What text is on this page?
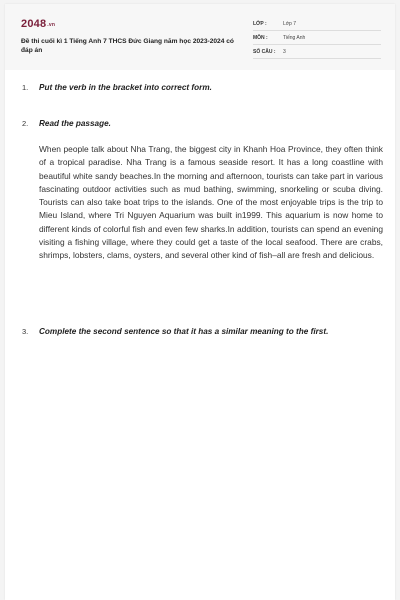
2048.vn
Đề thi cuối kì 1 Tiếng Anh 7 THCS Đức Giang năm học 2023-2024 có đáp án
LỚP :	Lớp 7
MÔN :	Tiếng Anh
SỐ CÂU : 3
1. Put the verb in the bracket into correct form.
2. Read the passage.
When people talk about Nha Trang, the biggest city in Khanh Hoa Province, they often think of a tropical paradise. Nha Trang is a famous seaside resort. It has a long coastline with beautiful white sandy beaches.In the morning and afternoon, tourists can take part in various fascinating outdoor activities such as mud bathing, swimming, snorkeling or scuba diving. Tourists can also take boat trips to the islands. One of the most enjoyable trips is the trip to Mieu Island, where Tri Nguyen Aquarium was built in1999. This aquarium is now home to different kinds of colorful fish and even few sharks.In addition, tourists can spend an evening visiting a fishing village, where they could get a taste of the local seafood. There are crabs, shrimps, lobsters, clams, oysters, and several other kind of fish–all are fresh and delicious.
3. Complete the second sentence so that it has a similar meaning to the first.
